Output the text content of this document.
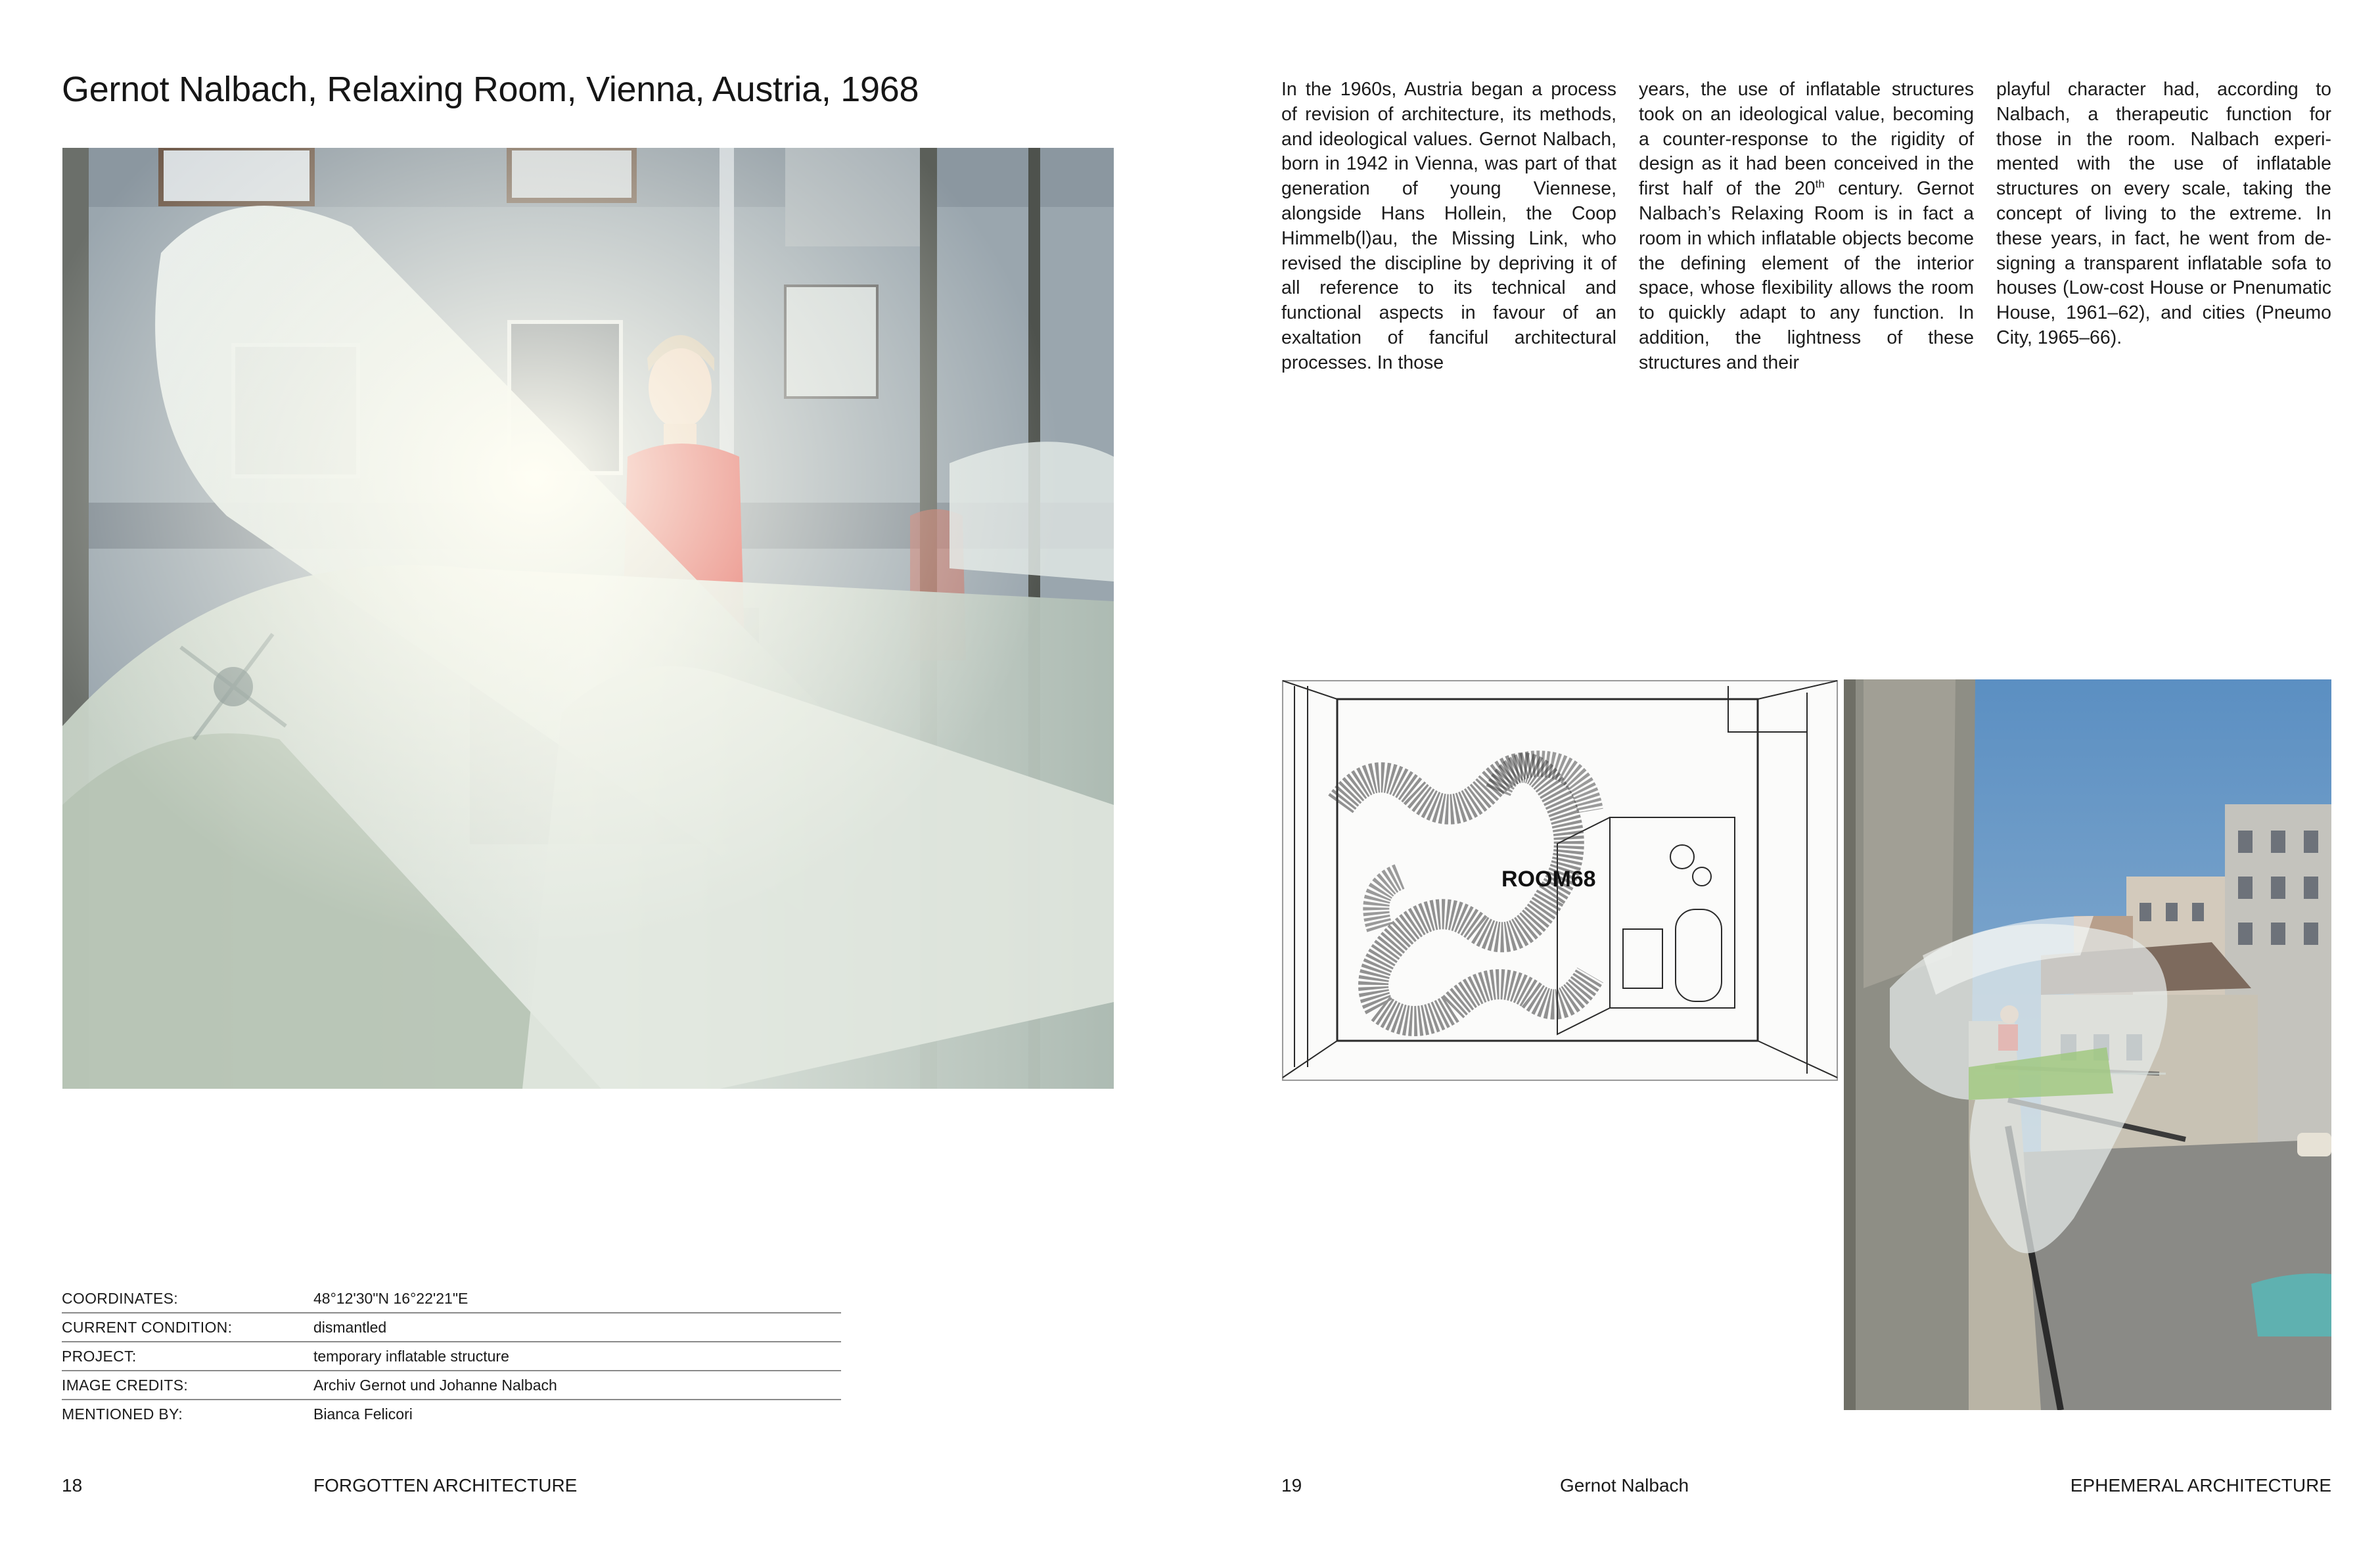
Gernot Nalbach, Relaxing Room, Vienna, Austria, 1968
COORDINATES:	48°12'30"N 16°22'21"E
CURRENT CONDITION:	dismantled
PROJECT:	temporary inflatable structure
IMAGE CREDITS:	Archiv Gernot und Johanne Nalbach
MENTIONED BY:	Bianca Felicori
18	FORGOTTEN ARCHITECTURE

In the 1960s, Austria began a process of revision of architecture, its methods, and ideological values. Gernot Nalbach, born in 1942 in Vienna, was part of that generation of young Viennese, alongside Hans Hollein, the Coop Himmelb(l)au, the Missing Link, who revised the discipline by depriving it of all reference to its technical and functional aspects in favour of an exaltation of fanciful architectural processes. In those

years, the use of inflatable structures took on an ideological value, becoming a counter-response to the rigidity of design as it had been conceived in the first half of the 20th century. Gernot Nalbach’s Relaxing Room is in fact a room in which inflatable objects become the defining element of the interior space, whose flexibility allows the room to quickly adapt to any function. In addition, the lightness of these structures and their

playful character had, according to Nalbach, a therapeutic function for those in the room. Nalbach experimented with the use of inflatable structures on every scale, taking the concept of living to the extreme. In these years, in fact, he went from designing a transparent inflatable sofa to houses (Low-cost House or Pnenumatic House, 1961–62), and cities (Pneumo City, 1965–66).

ROOM68
19	Gernot Nalbach	EPHEMERAL ARCHITECTURE
